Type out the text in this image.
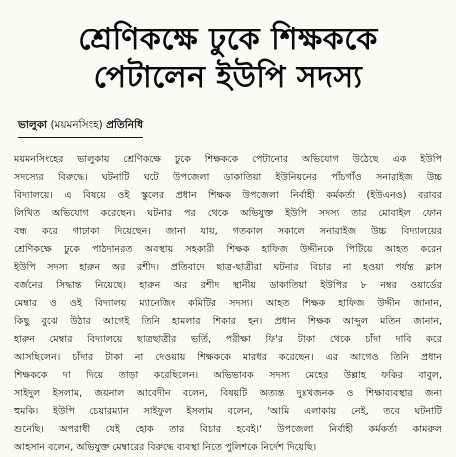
শ্রেণিকক্ষে ঢুকে শিক্ষককে
পেটালেন ইউপি সদস্য
ভালুকা (ময়মনসিংহ) প্রতিনিধি
ময়মনসিংহের ভালুকায় শ্রেণিকক্ষে ঢুকে শিক্ষককে পেটানোর অভিযোগ উঠেছে এক ইউপি
সদস্যের বিরুদ্ধে। ঘটনাটি ঘটে উপজেলা ডাকাতিয়া ইউনিয়নের পাঁচগাঁও সনারাইজ উচ্চ
বিদ্যালয়ে। এ বিষয়ে ওই স্কুলের প্রধান শিক্ষক উপজেলা নির্বাহী কর্মকর্তা (ইউএনও) বরাবর
লিখিত অভিযোগ করেছেন। ঘটনার পর থেকে অভিযুক্ত ইউপি সদস্য তার মোবাইল ফোন
বন্ধ করে গাঢাকা দিয়েছেন। জানা যায়, গতকাল সকালে সনারাইজ উচ্চ বিদ্যালয়ের
শ্রেণিকক্ষে ঢুকে পাঠদানরত অবস্থায় সহকারী শিক্ষক হাফিজ উদ্দীনকে পিটিয়ে আহত করেন
ইউপি সদস্য হারুন অর রশীদ। প্রতিবাদে ছাত্র-ছাত্রীরা ঘটনার বিচার না হওয়া পর্যন্ত ক্লাস
বর্জনের সিদ্ধান্ত নিয়েছে। হারুন অর রশীদ স্থানীয় ডাকাতিয়া ইউপির ৮ নম্বর ওয়ার্ডের
মেম্বার ও ওই বিদ্যালয় ম্যানেজিং কমিটির সদস্য। আহত শিক্ষক হাফিজ উদ্দীন জানান,
কিছু বুঝে উঠার আগেই তিনি হামলার শিকার হন। প্রধান শিক্ষক আব্দুল মতিন জানান,
হারুন মেম্বার বিদ্যালয়ে ছাত্রছাত্রীর ভর্তি, পরীক্ষা ফি'র টাকা থেকে চাঁদা দাবি করে
আসছিলেন। চাঁদার টাকা না দেওয়ায় শিক্ষককে মারধর করেছেন। এর আগেও তিনি প্রধান
শিক্ষককে দা দিয়ে তাড়া করেছিলেন। অভিভাবক সদস্য মেহের উল্লাহ ফকির বাবুল,
সাইদুল ইসলাম, জয়নাল আবেদীন বলেন, বিষয়টি অত্যন্ত দুঃখজনক ও শিক্ষাব্যবস্থার জন্য
হুমকি। ইউপি চেয়ারম্যান সাইফুল ইসলাম বলেন, 'আমি এলাকায় নেই, তবে ঘটনাটি
শুনেছি। অপরাধী যেই হোক তার বিচার হবেই।' উপজেলা নির্বাহী কর্মকর্তা কামরুল
আহসান বলেন, অভিযুক্ত মেম্বারের বিরুদ্ধে ব্যবস্থা নিতে পুলিশকে নির্দেশ দিয়েছি।
